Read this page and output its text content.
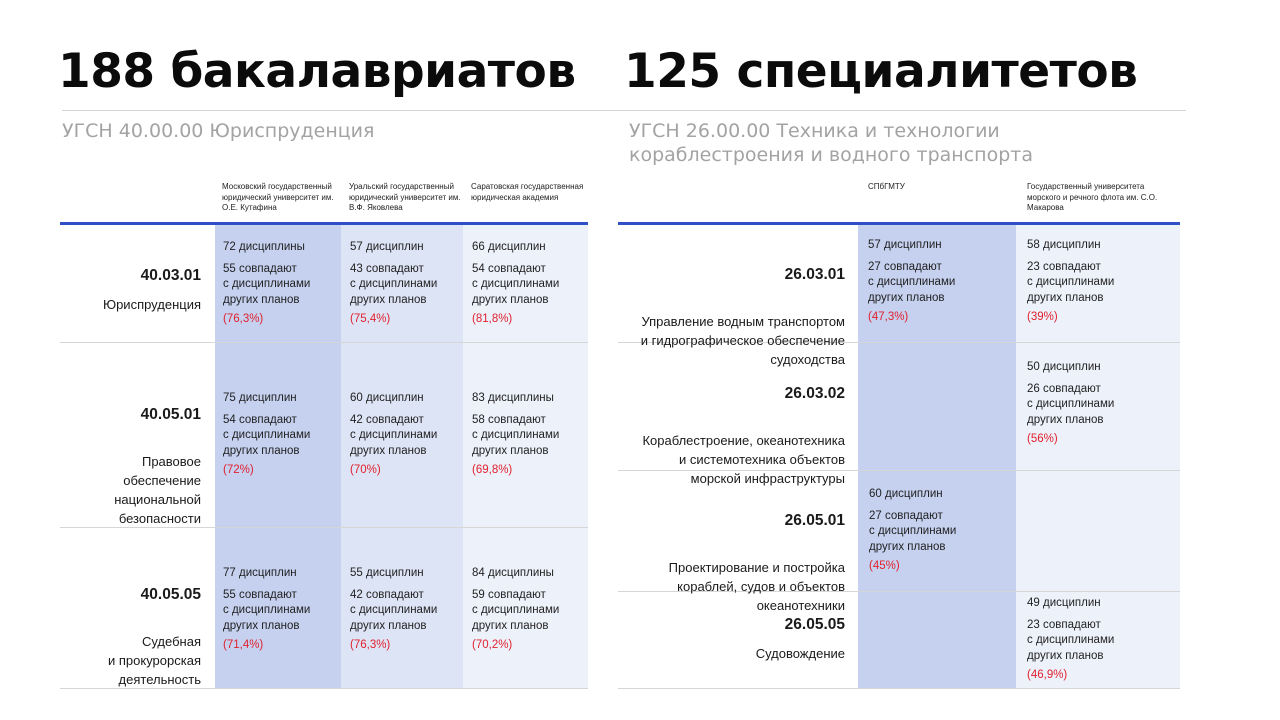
188 бакалавриатов 125 специалитетов
УГСН 40.00.00 Юриспруденция	УГСН 26.00.00 Техника и технологии
кораблестроения и водного транспорта
Московский государственный юридический университет им. О.Е. Кутафина
Уральский государственный юридический университет им. В.Ф. Яковлева
Саратовская государственная юридическая академия
40.03.01
Юриспруденция
72 дисциплины
55 совпадают
с дисциплинами
других планов
(76,3%)
57 дисциплин
43 совпадают
с дисциплинами
других планов
(75,4%)
66 дисциплин
54 совпадают
с дисциплинами
других планов
(81,8%)

40.05.01

Правовое
обеспечение
национальной
безопасности

75 дисциплин
54 совпадают
с дисциплинами
других планов
(72%)
60 дисциплин
42 совпадают
с дисциплинами
других планов
(70%)
83 дисциплины
58 совпадают
с дисциплинами
других планов
(69,8%)

40.05.05

Судебная
и прокурорская
деятельность

77 дисциплин
55 совпадают
с дисциплинами
других планов
(71,4%)
55 дисциплин
42 совпадают
с дисциплинами
других планов
(76,3%)
84 дисциплины
59 совпадают
с дисциплинами
других планов
(70,2%)
СПбГМТУ	Государственный университета морского и речного флота им. С.О. Макарова

26.03.01

Управление водным транспортом
и гидрографическое обеспечение
судоходства

57 дисциплин
27 совпадают
с дисциплинами
других планов
(47,3%)
58 дисциплин
23 совпадают
с дисциплинами
других планов
(39%)

26.03.02

Кораблестроение, океанотехника
и системотехника объектов
морской инфраструктуры

50 дисциплин
26 совпадают
с дисциплинами
других планов
(56%)

26.05.01

Проектирование и постройка
кораблей, судов и объектов
океанотехники

60 дисциплин
27 совпадают
с дисциплинами
других планов
(45%)
26.05.05
Судовождение
49 дисциплин
23 совпадают
с дисциплинами
других планов
(46,9%)
